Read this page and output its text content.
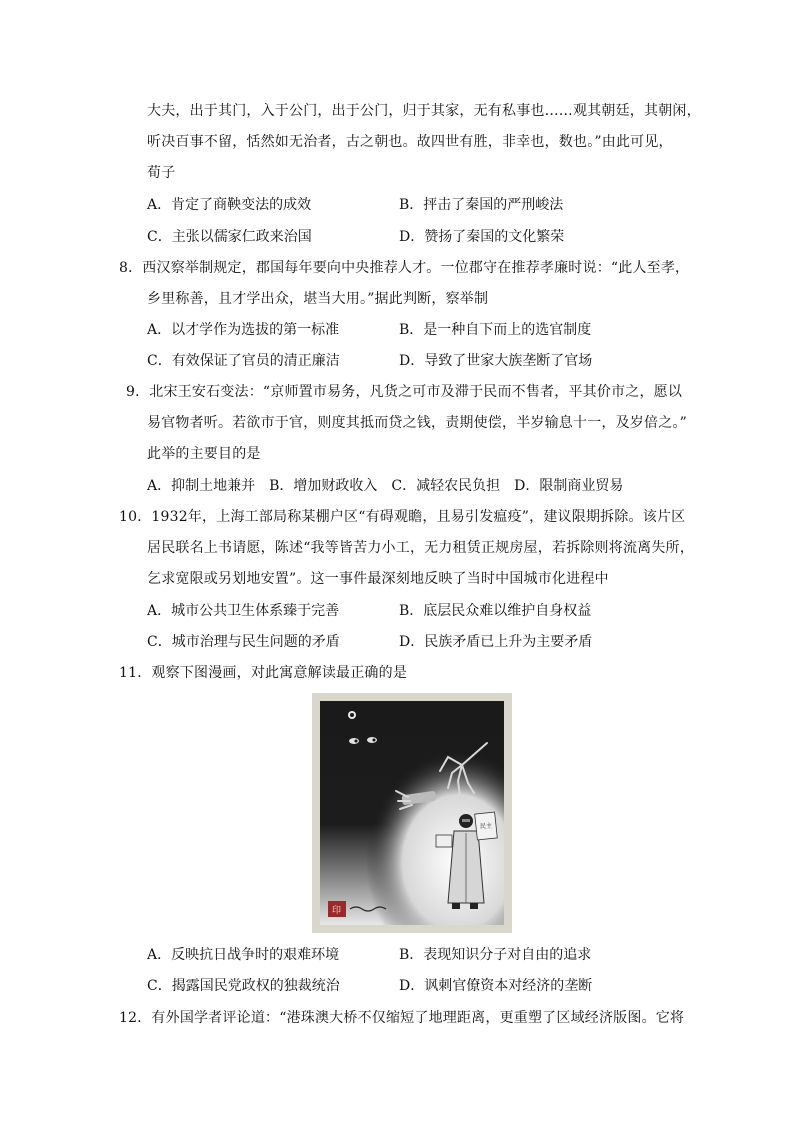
大夫，出于其门，入于公门，出于公门，归于其家，无有私事也……观其朝廷，其朝闲，
听决百事不留，恬然如无治者，古之朝也。故四世有胜，非幸也，数也。”由此可见，
荀子
A．肯定了商鞅变法的成效	B．抨击了秦国的严刑峻法
C．主张以儒家仁政来治国	D．赞扬了秦国的文化繁荣
8．西汉察举制规定，郡国每年要向中央推荐人才。一位郡守在推荐孝廉时说：“此人至孝，
乡里称善，且才学出众，堪当大用。”据此判断，察举制
A．以才学作为选拔的第一标准	B．是一种自下而上的选官制度
C．有效保证了官员的清正廉洁	D．导致了世家大族垄断了官场
9．北宋王安石变法：“京师置市易务，凡货之可市及滞于民而不售者，平其价市之，愿以
易官物者听。若欲市于官，则度其抵而贷之钱，责期使偿，半岁输息十一，及岁倍之。”
此举的主要目的是
A．抑制土地兼并　B．增加财政收入　C．减轻农民负担　D．限制商业贸易
10．1932年，上海工部局称某棚户区“有碍观瞻，且易引发瘟疫”，建议限期拆除。该片区
居民联名上书请愿，陈述“我等皆苦力小工，无力租赁正规房屋，若拆除则将流离失所，
乞求宽限或另划地安置”。这一事件最深刻地反映了当时中国城市化进程中
A．城市公共卫生体系臻于完善	B．底层民众难以维护自身权益
C．城市治理与民生问题的矛盾	D．民族矛盾已上升为主要矛盾
11．观察下图漫画，对此寓意解读最正确的是
民主
印
A．反映抗日战争时的艰难环境	B．表现知识分子对自由的追求
C．揭露国民党政权的独裁统治	D．讽刺官僚资本对经济的垄断
12．有外国学者评论道：“港珠澳大桥不仅缩短了地理距离，更重塑了区域经济版图。它将
